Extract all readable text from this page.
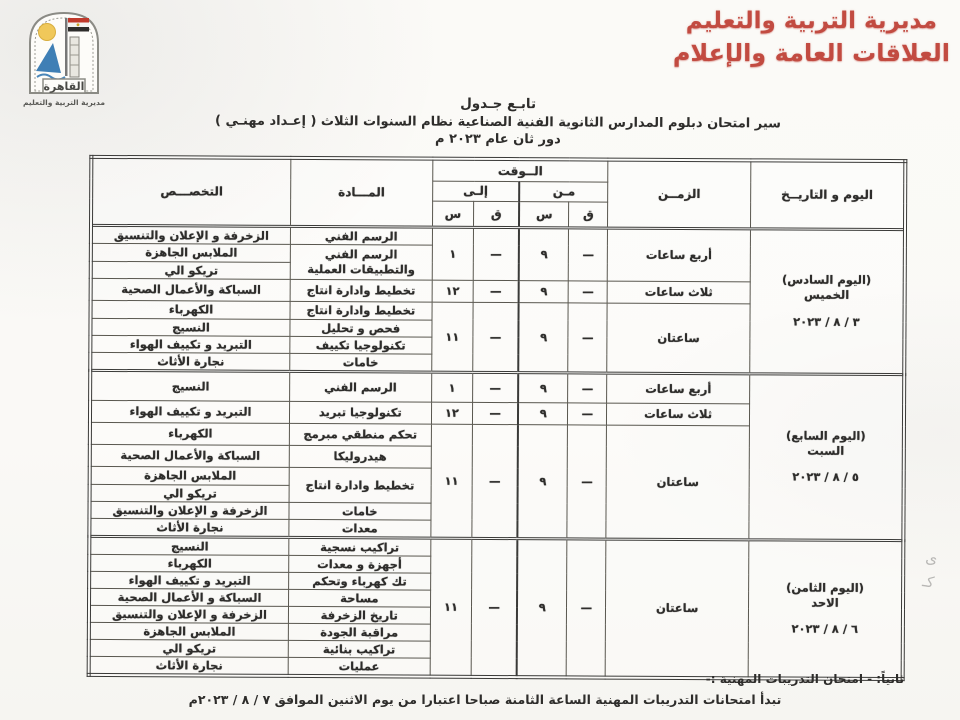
مديرية التربية والتعليم
العلاقات العامة والإعلام
القاهرة
مديرية التربية والتعليم	تابـع جـدول
سير امتحان دبلوم المدارس الثانوية الفنية الصناعية نظام السنوات الثلاث ( إعـداد مهنـي )
دور ثان عام ٢٠٢٣ م
اليوم و التاريــخ	الزمــن	الــوقت				المـــادة	التخصـــص
		مـن		إلـى			
		ق	س	ق	س		

(اليوم السادس)
الخميس
٣ / ٨ / ٢٠٢٣	أربع ساعات	—	٩	—	١	الرسم الفني	الزخرفة و الإعلان والتنسيق
						الرسم الفني والتطبيقات العملية	الملابس الجاهزة
							تريكو الي
	ثلاث ساعات	—	٩	—	١٢	تخطيط وادارة انتاج	السباكة والأعمال الصحية
	ساعتان	—	٩	—	١١	تخطيط وادارة انتاج	الكهرباء
						فحص و تحليل	النسيج
						تكنولوجيا تكييف	التبريد و تكييف الهواء
						خامات	نجارة الأثاث

(اليوم السابع)
السبت
٥ / ٨ / ٢٠٢٣	أربع ساعات	—	٩	—	١	الرسم الفني	النسيج
	ثلاث ساعات	—	٩	—	١٢	تكنولوجيا تبريد	التبريد و تكييف الهواء
	ساعتان	—	٩	—	١١	تحكم منطقي مبرمج	الكهرباء
						هيدروليكا	السباكة والأعمال الصحية
						تخطيط وادارة انتاج	الملابس الجاهزة
							تريكو الي
						خامات	الزخرفة و الإعلان والتنسيق
						معدات	نجارة الأثاث

(اليوم الثامن)
الاحد
٦ / ٨ / ٢٠٢٣	ساعتان	—	٩	—	١١	تراكيب نسجية	النسيج
						أجهزة و معدات	الكهرباء
						تك كهرباء وتحكم	التبريد و تكييف الهواء
						مساحة	السباكة و الأعمال الصحية
						تاريخ الزخرفة	الزخرفة و الإعلان والتنسيق
						مراقبة الجودة	الملابس الجاهزة
						تراكيب بنائية	تريكو الي
						عمليات	نجارة الأثاث
ثانياً: - امتحان التدريبات المهنية :-
تبدأ امتحانات التدريبات المهنية الساعة الثامنة صباحا اعتبارا من يوم الاثنين الموافق ٧ / ٨ / ٢٠٢٣م
ى
كـ
